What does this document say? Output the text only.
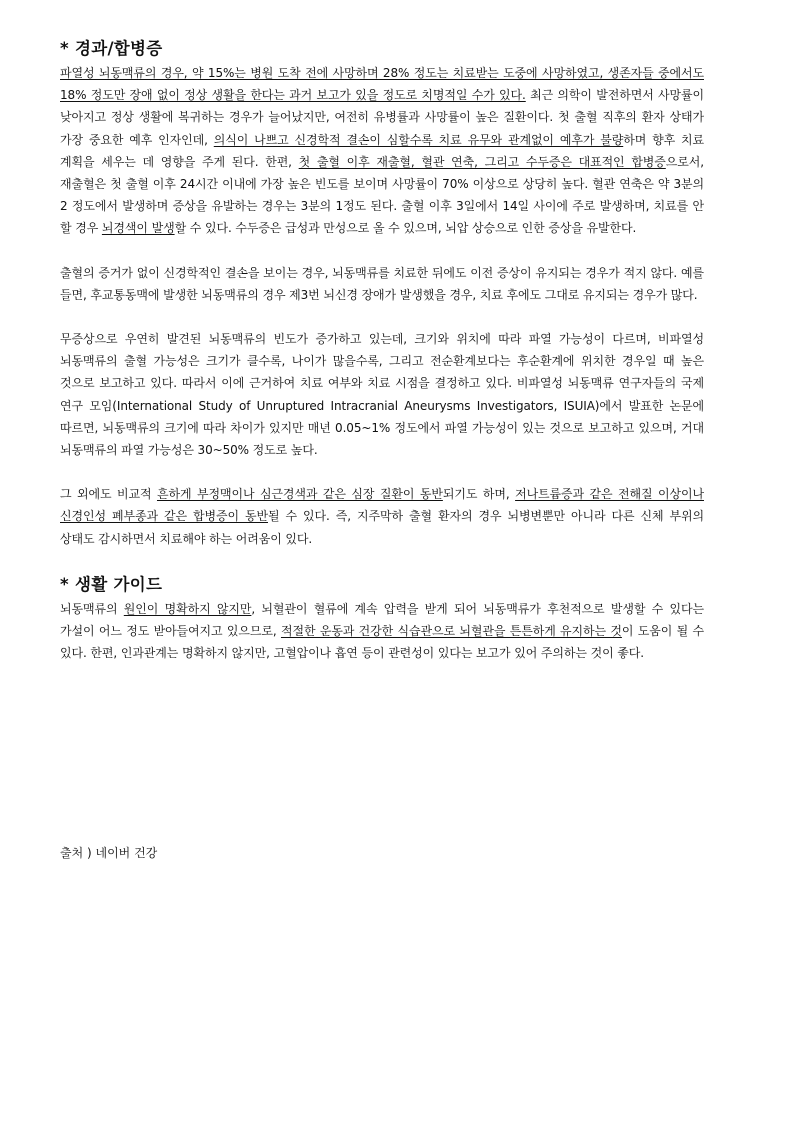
* 경과/합병증

파열성 뇌동맥류의 경우, 약 15%는 병원 도착 전에 사망하며 28% 정도는 치료받는 도중에 사망하였고, 생존자들 중에서도 18% 정도만 장애 없이 정상 생활을 한다는 과거 보고가 있을 정도로 치명적일 수가 있다. 최근 의학이 발전하면서 사망률이 낮아지고 정상 생활에 복귀하는 경우가 늘어났지만, 여전히 유병률과 사망률이 높은 질환이다. 첫 출혈 직후의 환자 상태가 가장 중요한 예후 인자인데, 의식이 나쁘고 신경학적 결손이 심할수록 치료 유무와 관계없이 예후가 불량하며 향후 치료 계획을 세우는 데 영향을 주게 된다. 한편, 첫 출혈 이후 재출혈, 혈관 연축, 그리고 수두증은 대표적인 합병증으로서, 재출혈은 첫 출혈 이후 24시간 이내에 가장 높은 빈도를 보이며 사망률이 70% 이상으로 상당히 높다. 혈관 연축은 약 3분의 2 정도에서 발생하며 증상을 유발하는 경우는 3분의 1정도 된다. 출혈 이후 3일에서 14일 사이에 주로 발생하며, 치료를 안 할 경우 뇌경색이 발생할 수 있다. 수두증은 급성과 만성으로 올 수 있으며, 뇌압 상승으로 인한 증상을 유발한다.

출혈의 증거가 없이 신경학적인 결손을 보이는 경우, 뇌동맥류를 치료한 뒤에도 이전 증상이 유지되는 경우가 적지 않다. 예를 들면, 후교통동맥에 발생한 뇌동맥류의 경우 제3번 뇌신경 장애가 발생했을 경우, 치료 후에도 그대로 유지되는 경우가 많다.

무증상으로 우연히 발견된 뇌동맥류의 빈도가 증가하고 있는데, 크기와 위치에 따라 파열 가능성이 다르며, 비파열성 뇌동맥류의 출혈 가능성은 크기가 클수록, 나이가 많을수록, 그리고 전순환계보다는 후순환계에 위치한 경우일 때 높은 것으로 보고하고 있다. 따라서 이에 근거하여 치료 여부와 치료 시점을 결정하고 있다. 비파열성 뇌동맥류 연구자들의 국제 연구 모임(International Study of Unruptured Intracranial Aneurysms Investigators, ISUIA)에서 발표한 논문에 따르면, 뇌동맥류의 크기에 따라 차이가 있지만 매년 0.05~1% 정도에서 파열 가능성이 있는 것으로 보고하고 있으며, 거대 뇌동맥류의 파열 가능성은 30~50% 정도로 높다.

그 외에도 비교적 흔하게 부정맥이나 심근경색과 같은 심장 질환이 동반되기도 하며, 저나트륨증과 같은 전해질 이상이나 신경인성 폐부종과 같은 합병증이 동반될 수 있다. 즉, 지주막하 출혈 환자의 경우 뇌병변뿐만 아니라 다른 신체 부위의 상태도 감시하면서 치료해야 하는 어려움이 있다.

* 생활 가이드

뇌동맥류의 원인이 명확하지 않지만, 뇌혈관이 혈류에 계속 압력을 받게 되어 뇌동맥류가 후천적으로 발생할 수 있다는 가설이 어느 정도 받아들여지고 있으므로, 적절한 운동과 건강한 식습관으로 뇌혈관을 튼튼하게 유지하는 것이 도움이 될 수 있다. 한편, 인과관계는 명확하지 않지만, 고혈압이나 흡연 등이 관련성이 있다는 보고가 있어 주의하는 것이 좋다.

출처 ) 네이버 건강
